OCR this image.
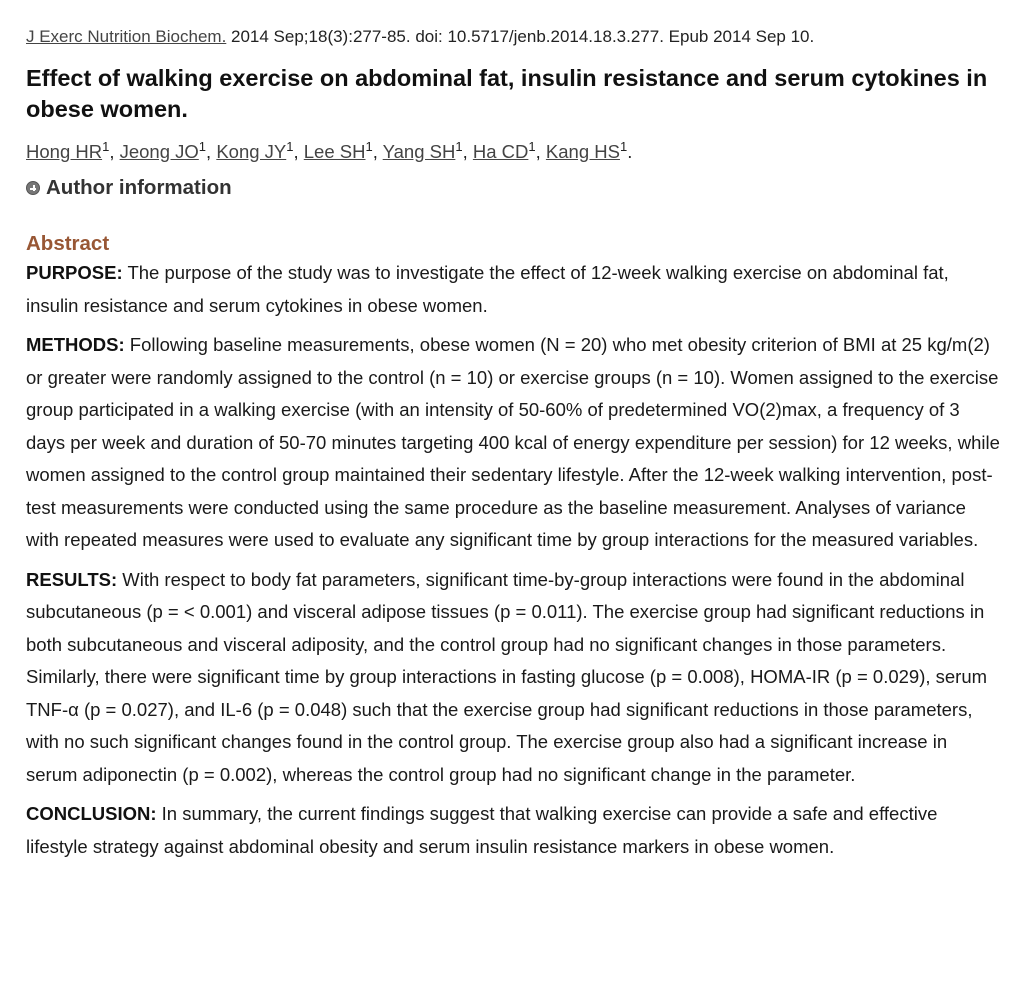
J Exerc Nutrition Biochem. 2014 Sep;18(3):277-85. doi: 10.5717/jenb.2014.18.3.277. Epub 2014 Sep 10.

Effect of walking exercise on abdominal fat, insulin resistance and serum cytokines in obese women.
Hong $HR^1$, Jeong $JO^1$, Kong $JY^1$, Lee $SH^1$, Yang $SH^1$, Ha $CD^1$, Kang $HS^1$.
Author information
Abstract

PURPOSE: The purpose of the study was to investigate the effect of 12-week walking exercise on abdominal fat, insulin resistance and serum cytokines in obese women.

METHODS: Following baseline measurements, obese women (N = 20) who met obesity criterion of BMI at 25 kg/m(2) or greater were randomly assigned to the control (n = 10) or exercise groups (n = 10). Women assigned to the exercise group participated in a walking exercise (with an intensity of 50-60% of predetermined VO(2)max, a frequency of 3 days per week and duration of 50-70 minutes targeting 400 kcal of energy expenditure per session) for 12 weeks, while women assigned to the control group maintained their sedentary lifestyle. After the 12-week walking intervention, post-test measurements were conducted using the same procedure as the baseline measurement. Analyses of variance with repeated measures were used to evaluate any significant time by group interactions for the measured variables.

RESULTS: With respect to body fat parameters, significant time-by-group interactions were found in the abdominal subcutaneous (p = < 0.001) and visceral adipose tissues (p = 0.011). The exercise group had significant reductions in both subcutaneous and visceral adiposity, and the control group had no significant changes in those parameters. Similarly, there were significant time by group interactions in fasting glucose (p = 0.008), HOMA-IR (p = 0.029), serum TNF-α (p = 0.027), and IL-6 (p = 0.048) such that the exercise group had significant reductions in those parameters, with no such significant changes found in the control group. The exercise group also had a significant increase in serum adiponectin (p = 0.002), whereas the control group had no significant change in the parameter.

CONCLUSION: In summary, the current findings suggest that walking exercise can provide a safe and effective lifestyle strategy against abdominal obesity and serum insulin resistance markers in obese women.
